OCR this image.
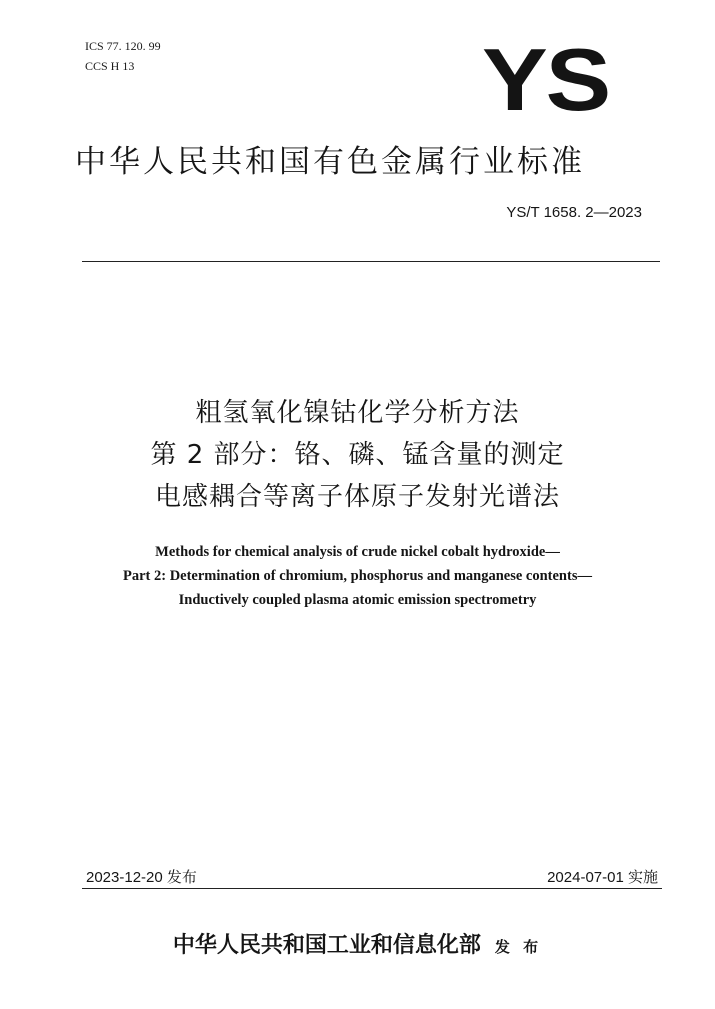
ICS 77. 120. 99
CCS H 13	YS
中华人民共和国有色金属行业标准
YS/T 1658. 2—2023
粗氢氧化镍钴化学分析方法
第 2 部分：铬、磷、锰含量的测定
电感耦合等离子体原子发射光谱法
Methods for chemical analysis of crude nickel cobalt hydroxide—
Part 2: Determination of chromium, phosphorus and manganese contents—
Inductively coupled plasma atomic emission spectrometry
2023-12-20 发布	2024-07-01 实施
中华人民共和国工业和信息化部 发 布
